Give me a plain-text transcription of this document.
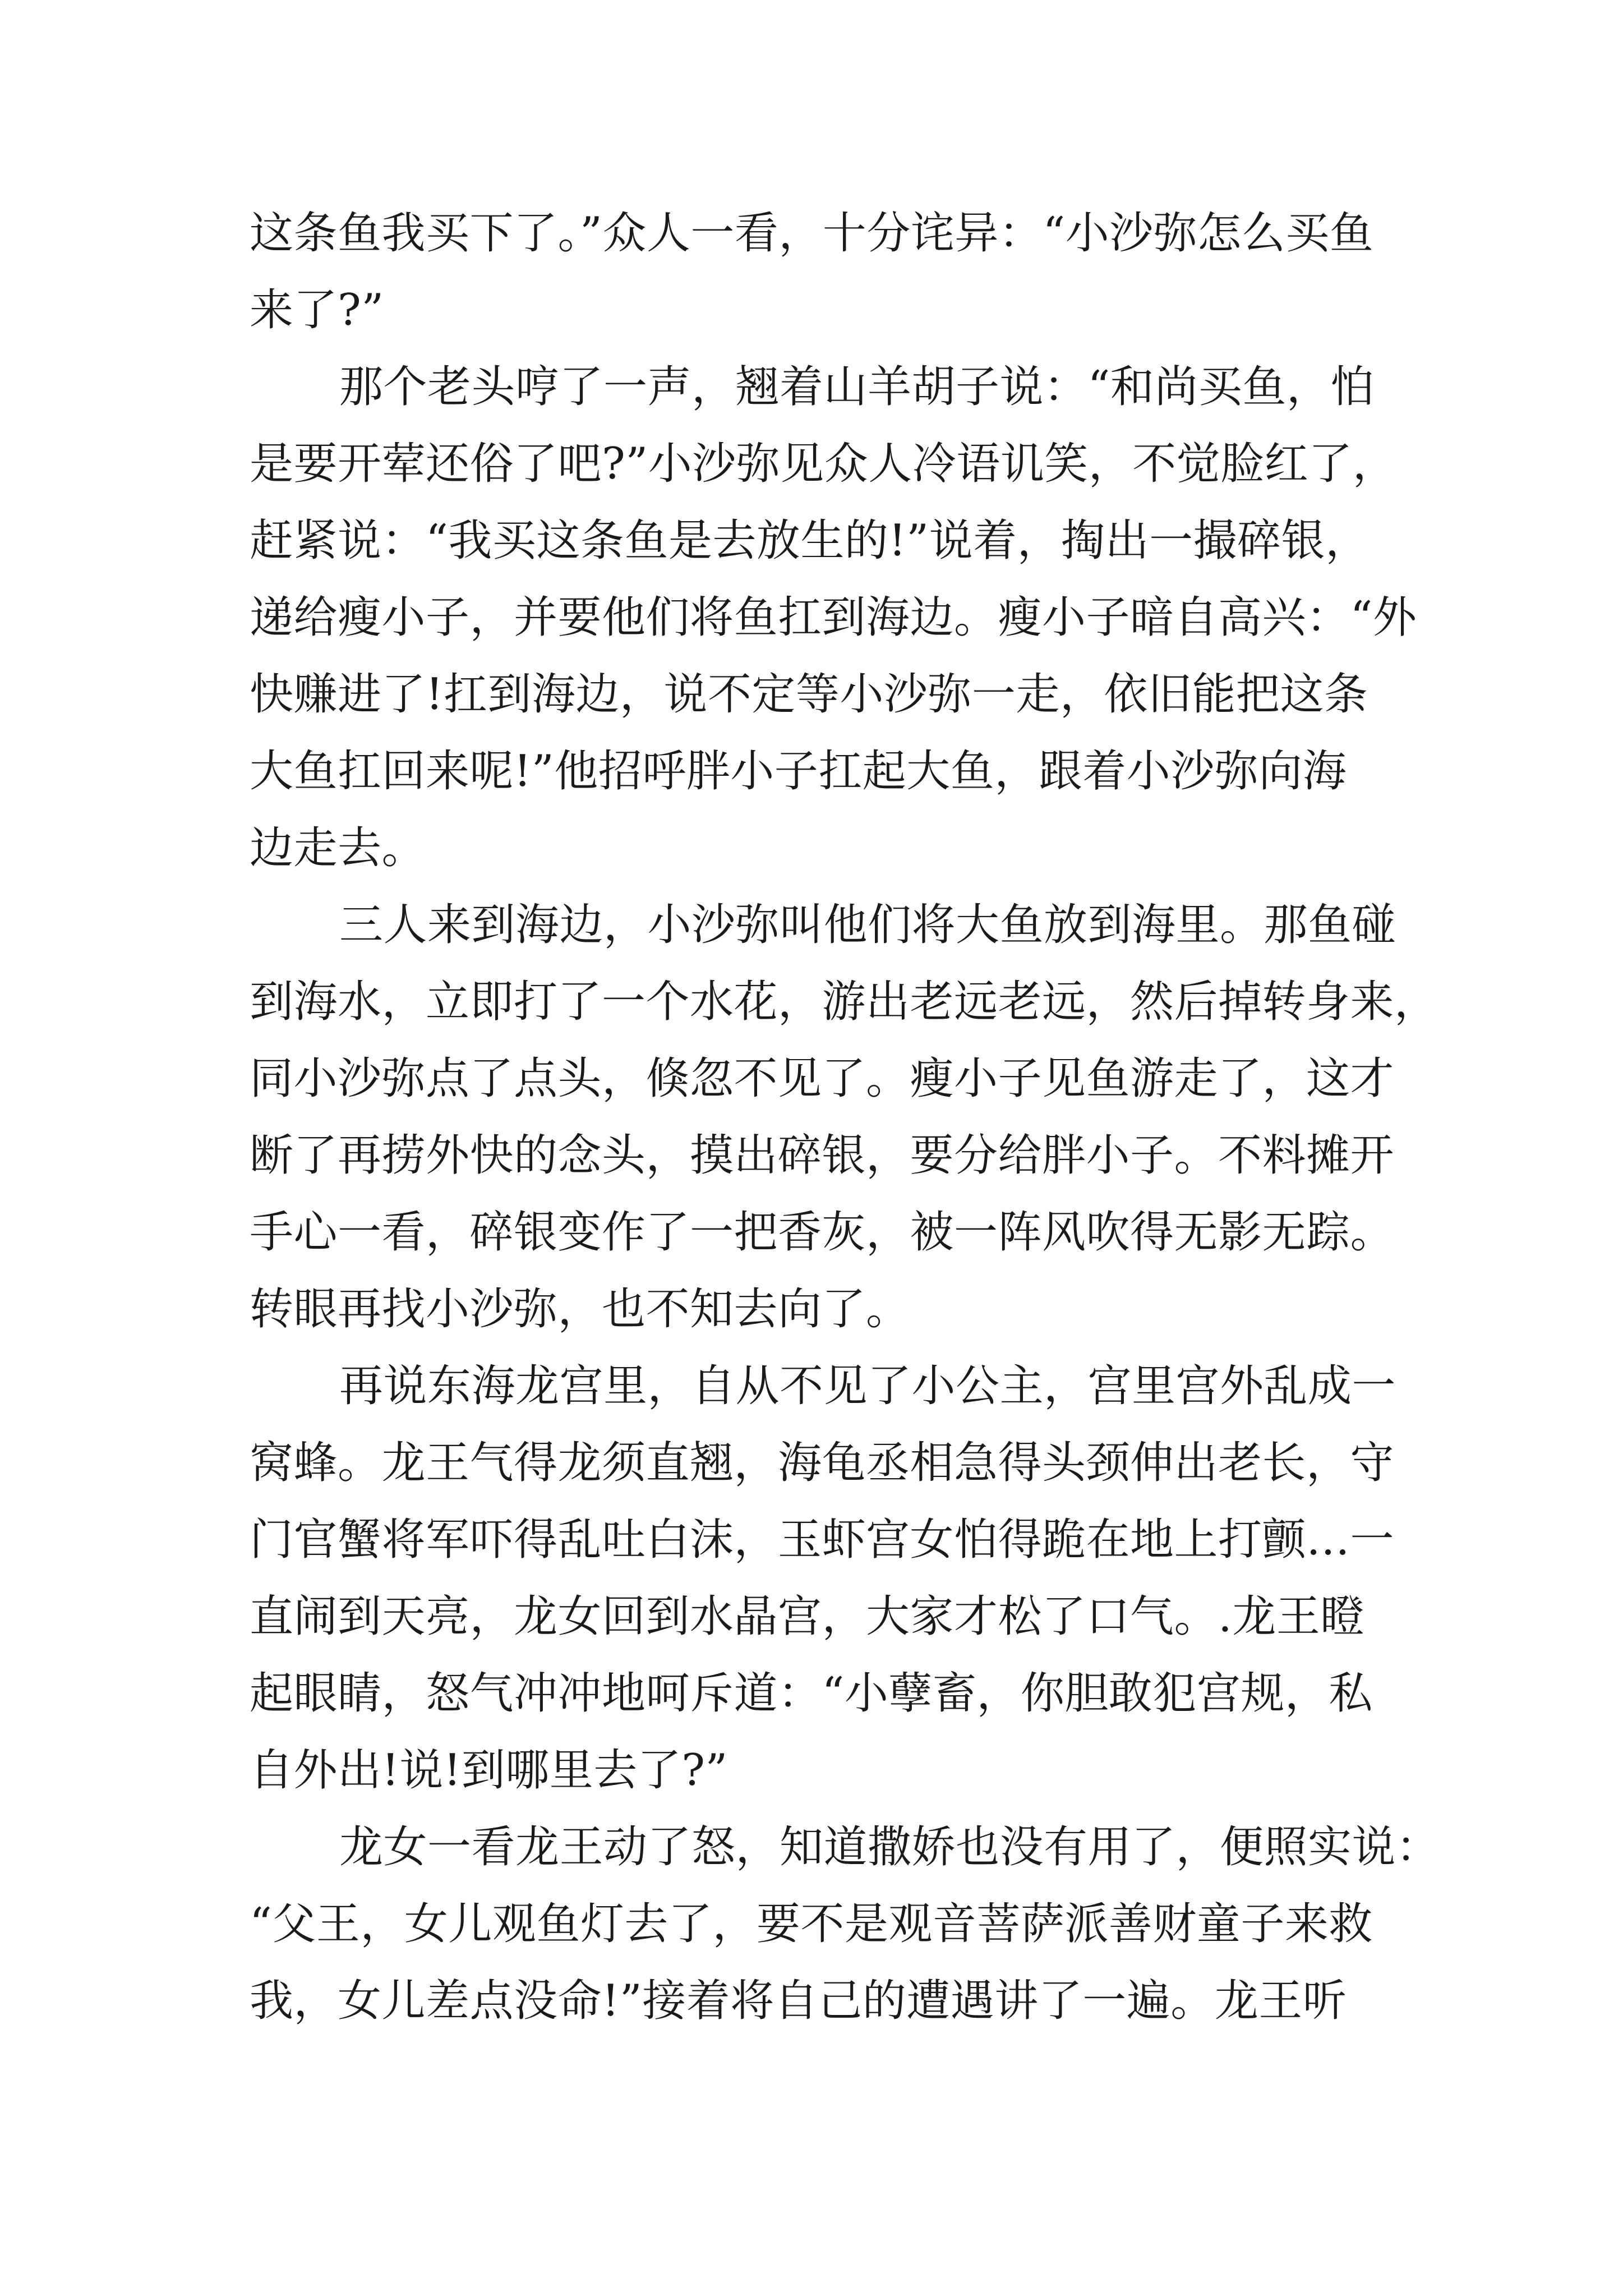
这条鱼我买下了。”众人一看，十分诧异：“小沙弥怎么买鱼
来了?”
那个老头哼了一声，翘着山羊胡子说：“和尚买鱼，怕
是要开荤还俗了吧?”小沙弥见众人冷语讥笑，不觉脸红了，
赶紧说：“我买这条鱼是去放生的!”说着，掏出一撮碎银，
递给瘦小子，并要他们将鱼扛到海边。瘦小子暗自高兴：“外
快赚进了!扛到海边，说不定等小沙弥一走，依旧能把这条
大鱼扛回来呢!”他招呼胖小子扛起大鱼，跟着小沙弥向海
边走去。
三人来到海边，小沙弥叫他们将大鱼放到海里。那鱼碰
到海水，立即打了一个水花，游出老远老远，然后掉转身来，
同小沙弥点了点头，倏忽不见了。瘦小子见鱼游走了，这才
断了再捞外快的念头，摸出碎银，要分给胖小子。不料摊开
手心一看，碎银变作了一把香灰，被一阵风吹得无影无踪。
转眼再找小沙弥，也不知去向了。
再说东海龙宫里，自从不见了小公主，宫里宫外乱成一
窝蜂。龙王气得龙须直翘，海龟丞相急得头颈伸出老长，守
门官蟹将军吓得乱吐白沫，玉虾宫女怕得跪在地上打颤…一
直闹到天亮，龙女回到水晶宫，大家才松了口气。.龙王瞪
起眼睛，怒气冲冲地呵斥道：“小孽畜，你胆敢犯宫规，私
自外出!说!到哪里去了?”
龙女一看龙王动了怒，知道撒娇也没有用了，便照实说：
“父王，女儿观鱼灯去了，要不是观音菩萨派善财童子来救
我，女儿差点没命!”接着将自己的遭遇讲了一遍。龙王听
